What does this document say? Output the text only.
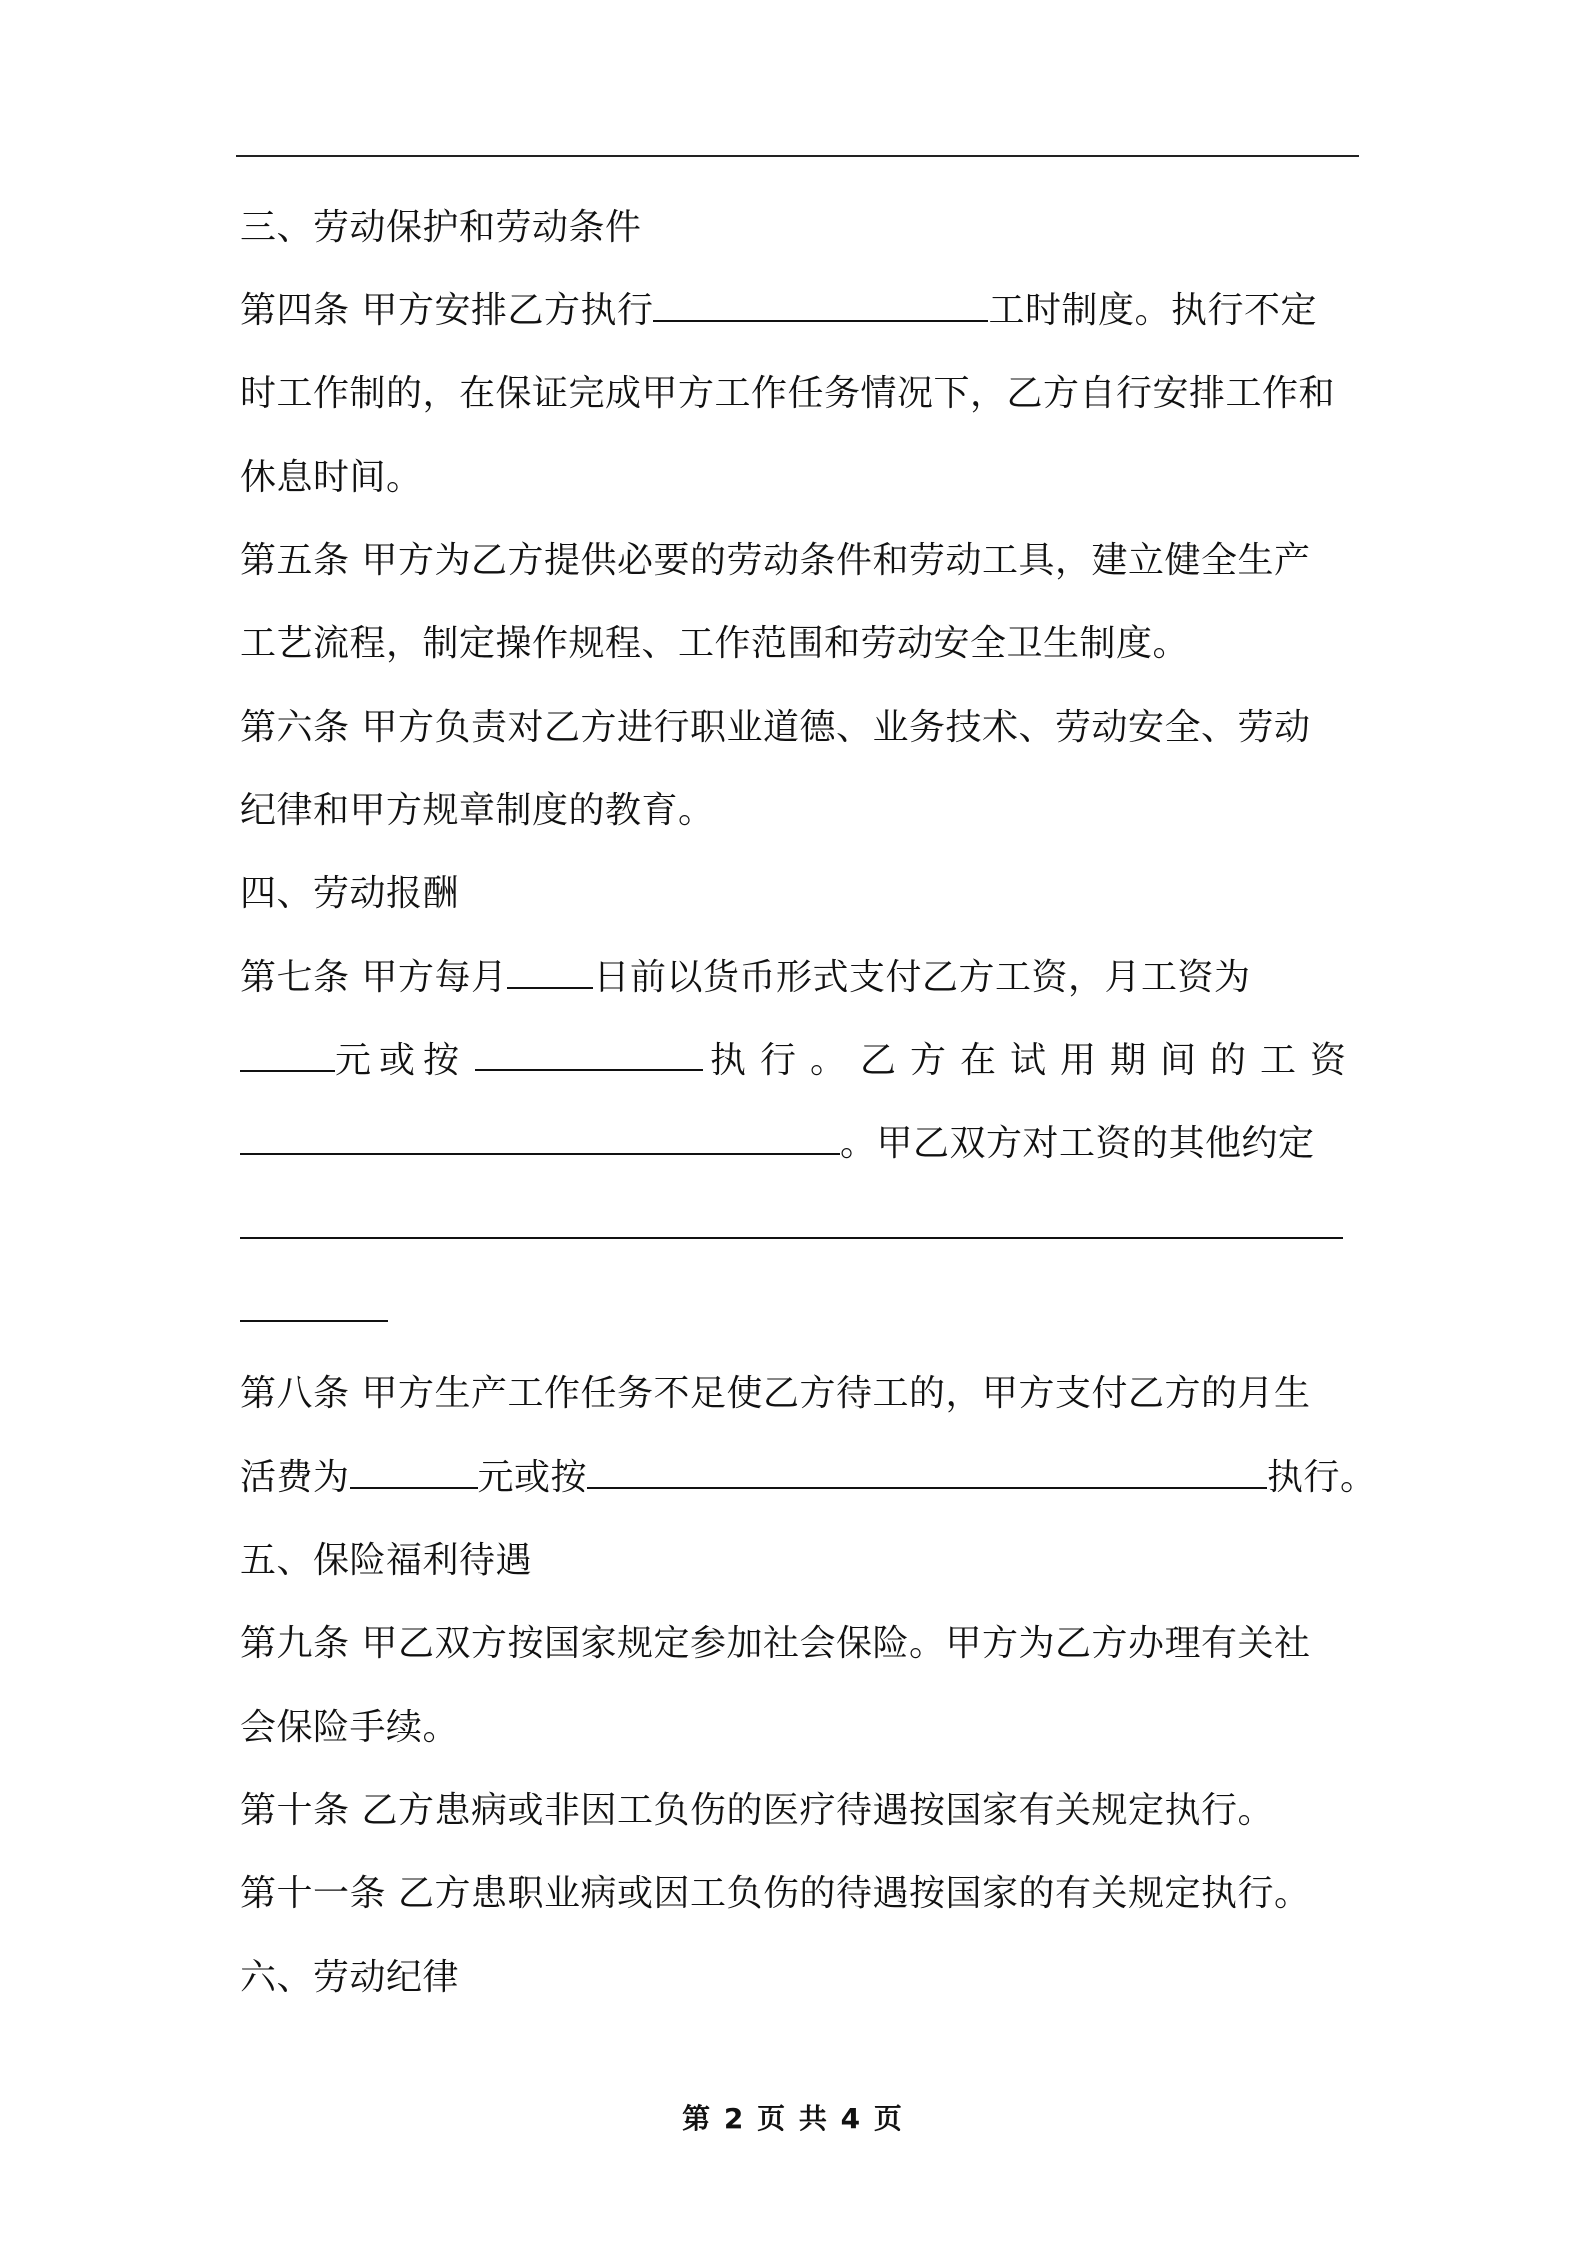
三、劳动保护和劳动条件
第四条 甲方安排乙方执行	工时制度。执行不定
时工作制的，在保证完成甲方工作任务情况下，乙方自行安排工作和
休息时间。
第五条 甲方为乙方提供必要的劳动条件和劳动工具，建立健全生产
工艺流程，制定操作规程、工作范围和劳动安全卫生制度。
第六条 甲方负责对乙方进行职业道德、业务技术、劳动安全、劳动
纪律和甲方规章制度的教育。
四、劳动报酬
第七条 甲方每月 日前以货币形式支付乙方工资，月工资为
元或按	执行。乙方在试用期间的工资
。甲乙双方对工资的其他约定
第八条 甲方生产工作任务不足使乙方待工的，甲方支付乙方的月生
活费为	元或按	执行。
五、保险福利待遇
第九条 甲乙双方按国家规定参加社会保险。甲方为乙方办理有关社
会保险手续。
第十条 乙方患病或非因工负伤的医疗待遇按国家有关规定执行。
第十一条 乙方患职业病或因工负伤的待遇按国家的有关规定执行。
六、劳动纪律
第 2 页 共 4 页
